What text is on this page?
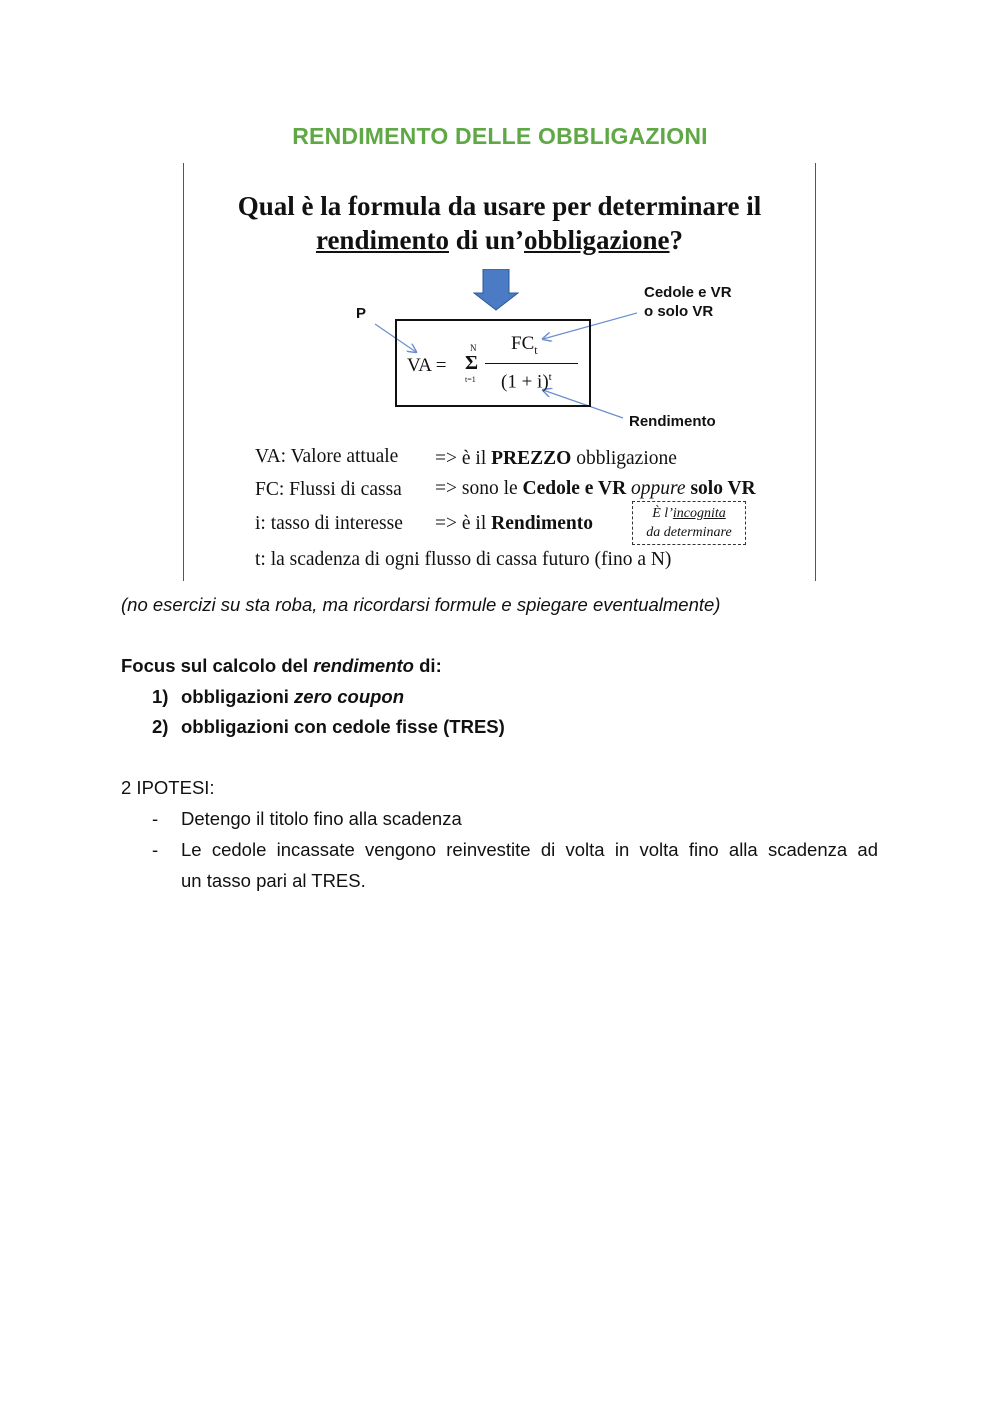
RENDIMENTO DELLE OBBLIGAZIONI
Qual è la formula da usare per determinare il
rendimento di un’obbligazione?
P
Cedole e VR
o solo VR
Rendimento
VA =
N
Σ
t=1
$FC_t$
$(1 + i)^t$
VA: Valore attuale => è il PREZZO obbligazione
FC: Flussi di cassa => sono le Cedole e VR oppure solo VR
i: tasso di interesse => è il Rendimento	È l’incognita
da determinare
t: la scadenza di ogni flusso di cassa futuro (fino a N)
(no esercizi su sta roba, ma ricordarsi formule e spiegare eventualmente)
Focus sul calcolo del rendimento di:
1) obbligazioni zero coupon
2) obbligazioni con cedole fisse (TRES)
2 IPOTESI:
- Detengo il titolo fino alla scadenza
- Le cedole incassate vengono reinvestite di volta in volta fino alla scadenza ad
un tasso pari al TRES.
